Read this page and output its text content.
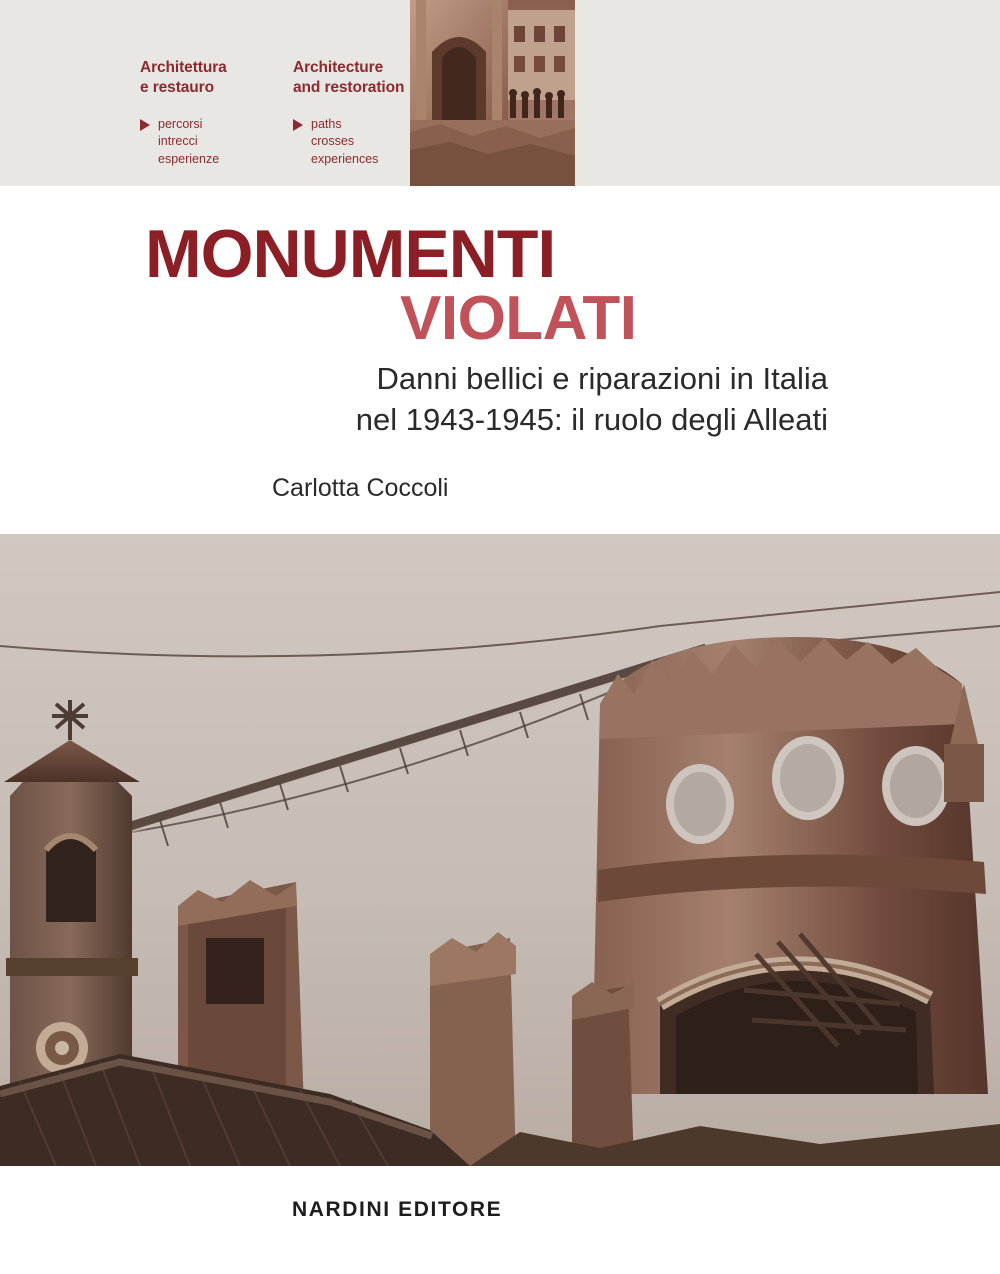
Architettura
e restauro
percorsi
intrecci
esperienze
Architecture
and restoration
paths
crosses
experiences
MONUMENTI
VIOLATI
Danni bellici e riparazioni in Italia
nel 1943-1945: il ruolo degli Alleati
Carlotta Coccoli
NARDINI EDITORE
